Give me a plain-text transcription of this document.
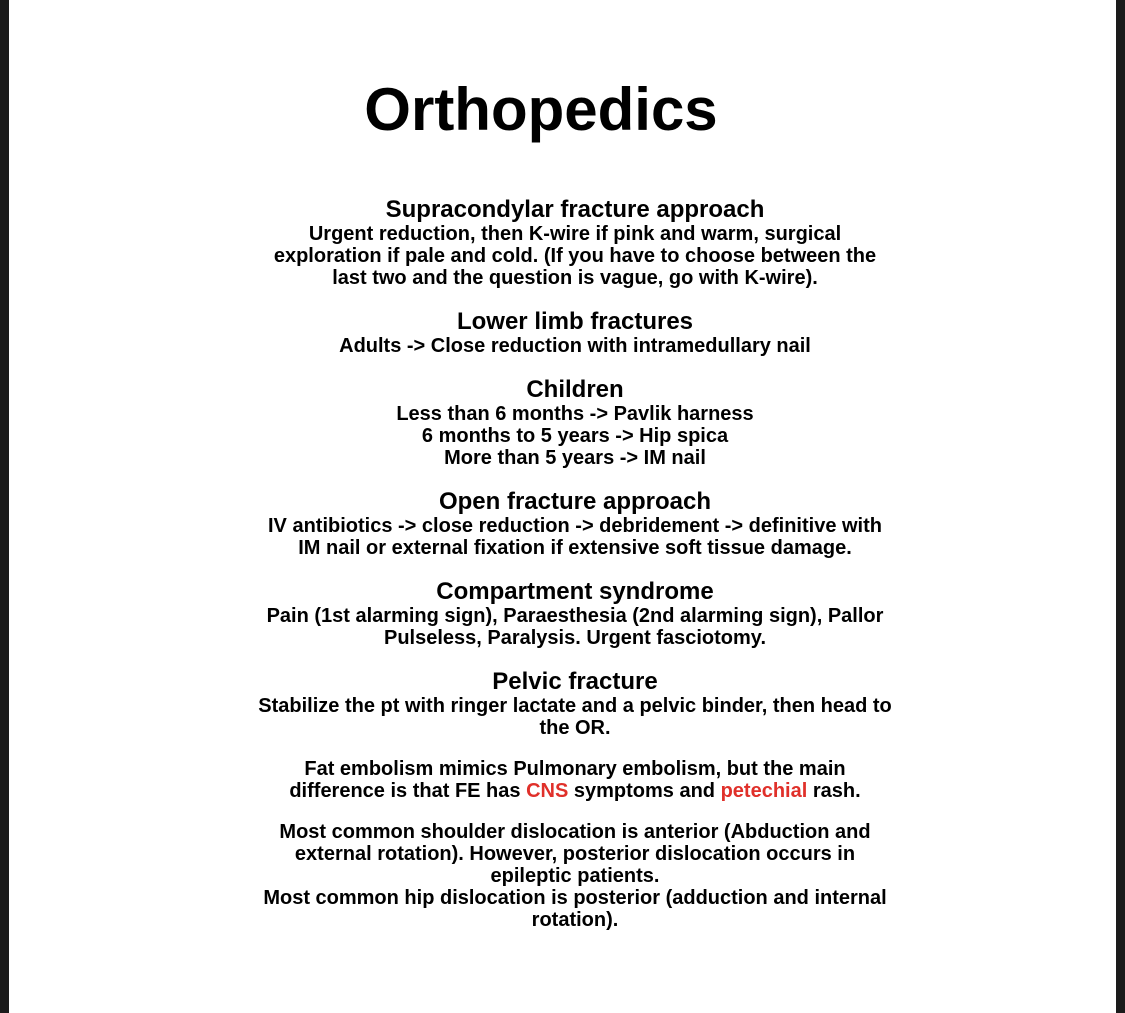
Orthopedics

Supracondylar fracture approach

Urgent reduction, then K-wire if pink and warm, surgical

exploration if pale and cold. (If you have to choose between the

last two and the question is vague, go with K-wire).

Lower limb fractures

Adults -> Close reduction with intramedullary nail

Children

Less than 6 months -> Pavlik harness

6 months to 5 years -> Hip spica

More than 5 years -> IM nail

Open fracture approach

IV antibiotics -> close reduction -> debridement -> definitive with

IM nail or external fixation if extensive soft tissue damage.

Compartment syndrome

Pain (1st alarming sign), Paraesthesia (2nd alarming sign), Pallor

Pulseless, Paralysis. Urgent fasciotomy.

Pelvic fracture

Stabilize the pt with ringer lactate and a pelvic binder, then head to

the OR.

Fat embolism mimics Pulmonary embolism, but the main

difference is that FE has CNS symptoms and petechial rash.

Most common shoulder dislocation is anterior (Abduction and

external rotation). However, posterior dislocation occurs in

epileptic patients.

Most common hip dislocation is posterior (adduction and internal

rotation).
